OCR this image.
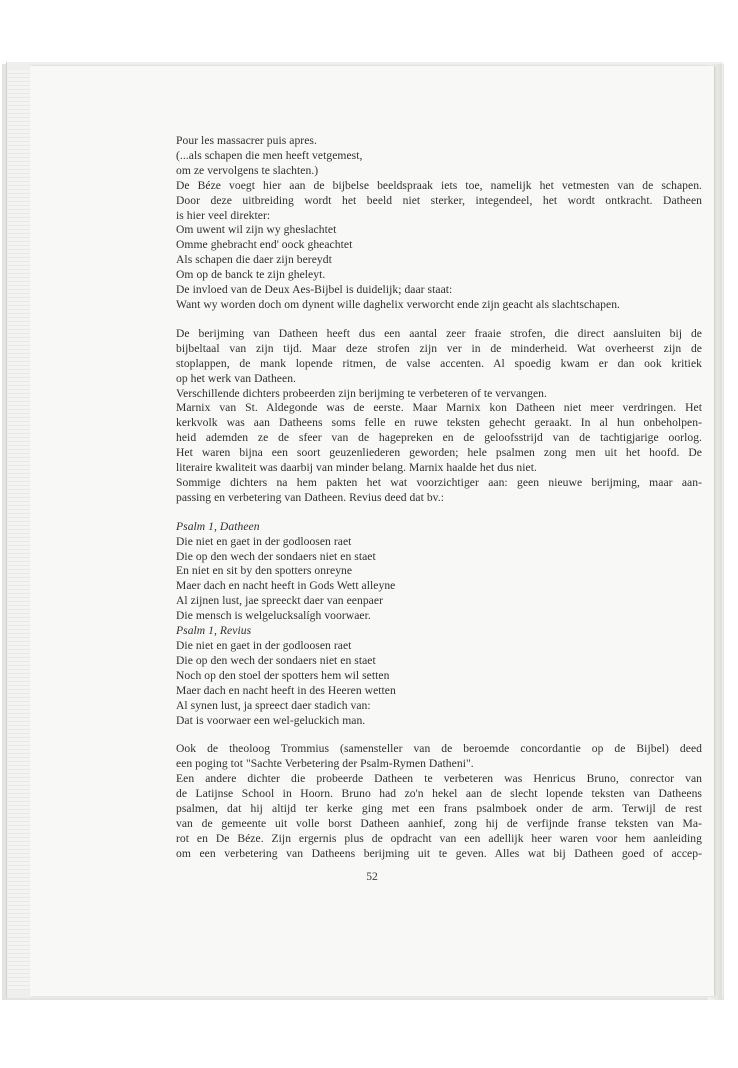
Pour les massacrer puis apres.
(...als schapen die men heeft vetgemest,
om ze vervolgens te slachten.)
De Béze voegt hier aan de bijbelse beeldspraak iets toe, namelijk het vetmesten van de schapen.
Door deze uitbreiding wordt het beeld niet sterker, integendeel, het wordt ontkracht. Datheen
is hier veel direkter:
Om uwent wil zijn wy gheslachtet
Omme ghebracht end' oock gheachtet
Als schapen die daer zijn bereydt
Om op de banck te zijn gheleyt.
De invloed van de Deux Aes-Bijbel is duidelijk; daar staat:
Want wy worden doch om dynent wille daghelix verworcht ende zijn geacht als slachtschapen.
De berijming van Datheen heeft dus een aantal zeer fraaie strofen, die direct aansluiten bij de
bijbeltaal van zijn tijd. Maar deze strofen zijn ver in de minderheid. Wat overheerst zijn de
stoplappen, de mank lopende ritmen, de valse accenten. Al spoedig kwam er dan ook kritiek
op het werk van Datheen.
Verschillende dichters probeerden zijn berijming te verbeteren of te vervangen.
Marnix van St. Aldegonde was de eerste. Maar Marnix kon Datheen niet meer verdringen. Het
kerkvolk was aan Datheens soms felle en ruwe teksten gehecht geraakt. In al hun onbeholpen-
heid ademden ze de sfeer van de hagepreken en de geloofsstrijd van de tachtigjarige oorlog.
Het waren bijna een soort geuzenliederen geworden; hele psalmen zong men uit het hoofd. De
literaire kwaliteit was daarbij van minder belang. Marnix haalde het dus niet.
Sommige dichters na hem pakten het wat voorzichtiger aan: geen nieuwe berijming, maar aan-
passing en verbetering van Datheen. Revius deed dat bv.:
Psalm 1, Datheen
Die niet en gaet in der godloosen raet
Die op den wech der sondaers niet en staet
En niet en sit by den spotters onreyne
Maer dach en nacht heeft in Gods Wett alleyne
Al zijnen lust, jae spreeckt daer van eenpaer
Die mensch is welgelucksalígh voorwaer.
Psalm 1, Revius
Die niet en gaet in der godloosen raet
Die op den wech der sondaers niet en staet
Noch op den stoel der spotters hem wil setten
Maer dach en nacht heeft in des Heeren wetten
Al synen lust, ja spreect daer stadich van:
Dat is voorwaer een wel-geluckich man.
Ook de theoloog Trommius (samensteller van de beroemde concordantie op de Bijbel) deed
een poging tot "Sachte Verbetering der Psalm-Rymen Datheni".
Een andere dichter die probeerde Datheen te verbeteren was Henricus Bruno, conrector van
de Latijnse School in Hoorn. Bruno had zo'n hekel aan de slecht lopende teksten van Datheens
psalmen, dat hij altijd ter kerke ging met een frans psalmboek onder de arm. Terwijl de rest
van de gemeente uit volle borst Datheen aanhief, zong hij de verfijnde franse teksten van Ma-
rot en De Béze. Zijn ergernis plus de opdracht van een adellijk heer waren voor hem aanleiding
om een verbetering van Datheens berijming uit te geven. Alles wat bij Datheen goed of accep-
52
